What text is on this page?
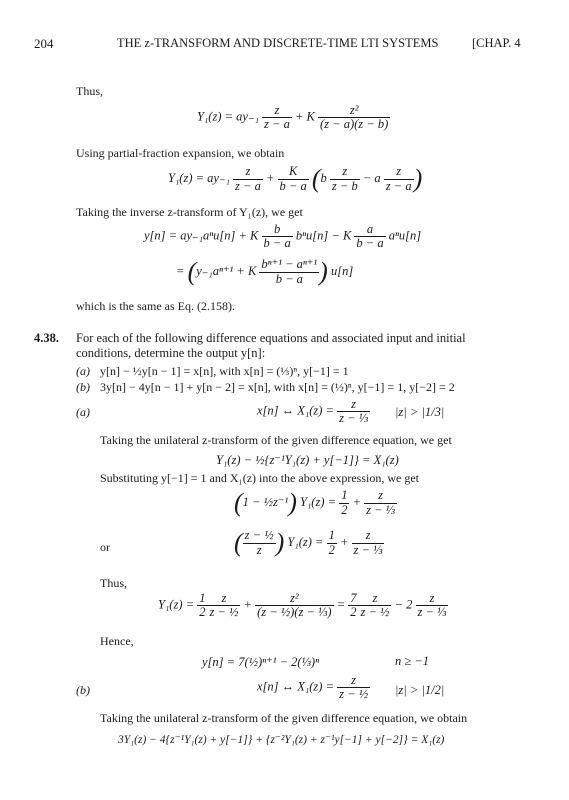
204	THE z-TRANSFORM AND DISCRETE-TIME LTI SYSTEMS	[CHAP. 4
Thus,
$Y_1(z) = ay_{-1} \frac{z}{z - a} + K \frac{\text{z²}}{(z - a)(z - b)}$
Using partial-fraction expansion, we obtain
$Y_1(z) = ay_{-1} \frac{z}{z - a} + \frac{K}{b - a} (b \frac{z}{z - b} - a \frac{z}{z - a}$ )
Taking the inverse z-transform of Y₁(z), we get
y[n] = ay₋₁aⁿu[n] + K $\frac{b}{b - a} b^nu[n] - K \frac{a}{b - a} a^nu[n]$
= (y₋₁aⁿ⁺¹ + K $\frac{\text{bⁿ⁺¹ − aⁿ⁺¹}}{b - a}$ ) u[n]
which is the same as Eq. (2.158).
4.38. For each of the following difference equations and associated input and initial
conditions, determine the output y[n]:
(a) y[n] − ½y[n − 1] = x[n], with x[n] = (⅓)ⁿ, y[−1] = 1
(b) 3y[n] − 4y[n − 1] + y[n − 2] = x[n], with x[n] = (½)ⁿ, y[−1] = 1, y[−2] = 2
(a)	x[n] ↔ $X_1(z) = \frac{z}{\text{z − ⅓}} |z| > |1/3|$
Taking the unilateral z-transform of the given difference equation, we get
Y₁(z) − ½{z⁻¹Y₁(z) + y[−1]} = X₁(z)
Substituting y[−1] = 1 and X₁(z) into the above expression, we get
(1 − ½z⁻¹) $Y_1(z) = \frac{1}{2} + \frac{z}{\text{z − ⅓}}$
or	( $\frac{\text{z − ½}}{z}$ ) $Y_1(z) = \frac{1}{2} + \frac{z}{\text{z − ⅓}}$
Thus,
$Y_1(z) = \frac{1}{2} \frac{z}{\text{z − ½}} + \frac{\text{z²}}{\text{(z − ½)(z − ⅓)}} = \frac{7}{2} \frac{z}{\text{z − ½}} - 2 \frac{z}{\text{z − ⅓}}$
Hence,
y[n] = 7(½)ⁿ⁺¹ − 2(⅓)ⁿ	n ≥ −1
(b)	x[n] ↔ $X_1(z) = \frac{z}{\text{z − ½}} |z| > |1/2|$
Taking the unilateral z-transform of the given difference equation, we obtain
3Y₁(z) − 4{z⁻¹Y₁(z) + y[−1]} + {z⁻²Y₁(z) + z⁻¹y[−1] + y[−2]} = X₁(z)
